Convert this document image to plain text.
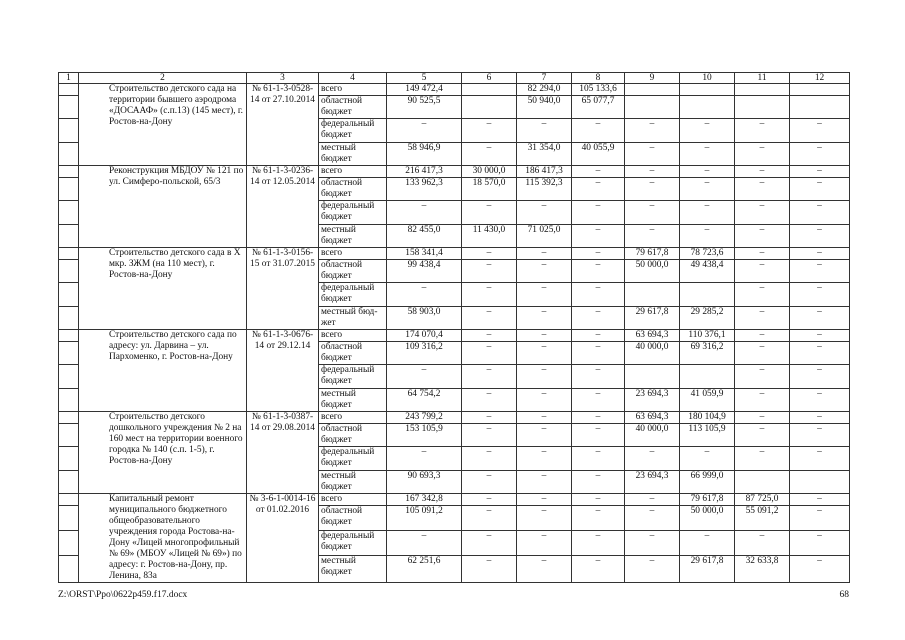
1	2	3	4	5	6	7	8	9	10	11	12
	Строительство детского сада на территории бывшего аэродрома «ДОСААФ» (с.п.13) (145 мест), г. Ростов-на-Дону	№ 61-1-3-0528-14 от 27.10.2014	всего	149 472,4		82 294,0	105 133,6				
			областной бюджет	90 525,5		50 940,0	65 077,7				
			федеральный бюджет	–	–	–	–	–	–	–	–
			местный бюджет	58 946,9	–	31 354,0	40 055,9	–	–	–	–
	Реконструкция МБДОУ № 121 по ул. Симферо-польской, 65/3	№ 61-1-3-0236-14 от 12.05.2014	всего	216 417,3	30 000,0	186 417,3	–	–	–	–	–
			областной бюджет	133 962,3	18 570,0	115 392,3	–	–	–	–	–
			федеральный бюджет	–	–	–	–	–	–	–	–
			местный бюджет	82 455,0	11 430,0	71 025,0	–	–	–	–	–
	Строительство детского сада в Х мкр. ЗЖМ (на 110 мест), г. Ростов-на-Дону	№ 61-1-3-0156-15 от 31.07.2015	всего	158 341,4	–	–	–	79 617,8	78 723,6	–	–
			областной бюджет	99 438,4	–	–	–	50 000,0	49 438,4	–	–
			федеральный бюджет	–	–	–	–			–	–
			местный бюд-жет	58 903,0	–	–	–	29 617,8	29 285,2	–	–
	Строительство детского сада по адресу: ул. Дарвина – ул. Пархоменко, г. Ростов-на-Дону	№ 61-1-3-0676-14 от 29.12.14	всего	174 070,4	–	–	–	63 694,3	110 376,1	–	–
			областной бюджет	109 316,2	–	–	–	40 000,0	69 316,2	–	–
			федеральный бюджет	–	–	–	–			–	–
			местный бюджет	64 754,2	–	–	–	23 694,3	41 059,9	–	–
	Строительство детского дошкольного учреждения № 2 на 160 мест на территории военного городка № 140 (с.п. 1-5), г. Ростов-на-Дону	№ 61-1-3-0387-14 от 29.08.2014	всего	243 799,2	–	–	–	63 694,3	180 104,9	–	–
			областной бюджет	153 105,9	–	–	–	40 000,0	113 105,9	–	–
			федеральный бюджет	–	–	–	–	–	–	–	–
			местный бюджет	90 693,3	–	–	–	23 694,3	66 999,0		
	Капитальный ремонт муниципального бюджетного общеобразовательного учреждения города Ростова-на-Дону «Лицей многопрофильный № 69» (МБОУ «Лицей № 69») по адресу: г. Ростов-на-Дону, пр. Ленина, 83а	№ 3-6-1-0014-16 от 01.02.2016	всего	167 342,8	–	–	–	–	79 617,8	87 725,0	–
			областной бюджет	105 091,2	–	–	–	–	50 000,0	55 091,2	–
			федеральный бюджет	–	–	–	–	–	–	–	–
			местный бюджет	62 251,6	–	–	–	–	29 617,8	32 633,8	–
Z:\ORST\Ppo\0622p459.f17.docx	68
